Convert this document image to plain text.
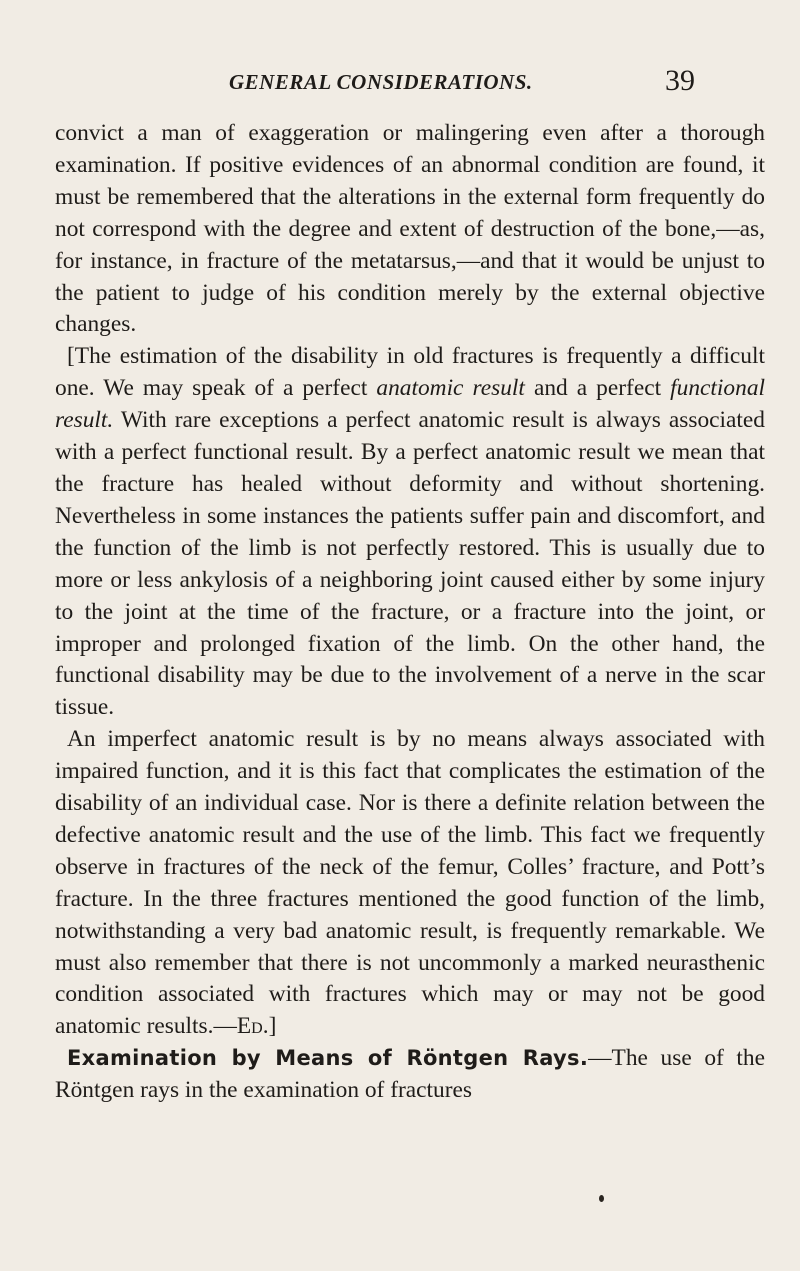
GENERAL CONSIDERATIONS.	39

convict a man of exaggeration or malingering even after a thorough examination. If positive evidences of an abnormal condition are found, it must be remembered that the alterations in the external form frequently do not correspond with the degree and extent of destruction of the bone,—as, for instance, in fracture of the metatarsus,—and that it would be unjust to the patient to judge of his condition merely by the external objective changes.

[The estimation of the disability in old fractures is frequently a difficult one. We may speak of a perfect anatomic result and a perfect functional result. With rare exceptions a perfect anatomic result is always associated with a perfect functional result. By a perfect anatomic result we mean that the fracture has healed without deformity and without shortening. Nevertheless in some instances the patients suffer pain and discomfort, and the function of the limb is not perfectly restored. This is usually due to more or less ankylosis of a neighboring joint caused either by some injury to the joint at the time of the fracture, or a fracture into the joint, or improper and prolonged fixation of the limb. On the other hand, the functional disability may be due to the involvement of a nerve in the scar tissue.

An imperfect anatomic result is by no means always associated with impaired function, and it is this fact that complicates the estimation of the disability of an individual case. Nor is there a definite relation between the defective anatomic result and the use of the limb. This fact we frequently observe in fractures of the neck of the femur, Colles’ fracture, and Pott’s fracture. In the three fractures mentioned the good function of the limb, notwithstanding a very bad anatomic result, is frequently remarkable. We must also remember that there is not uncommonly a marked neurasthenic condition associated with fractures which may or may not be good anatomic results.—Ed.]

Examination by Means of Röntgen Rays.—The use of the Röntgen rays in the examination of fractures
